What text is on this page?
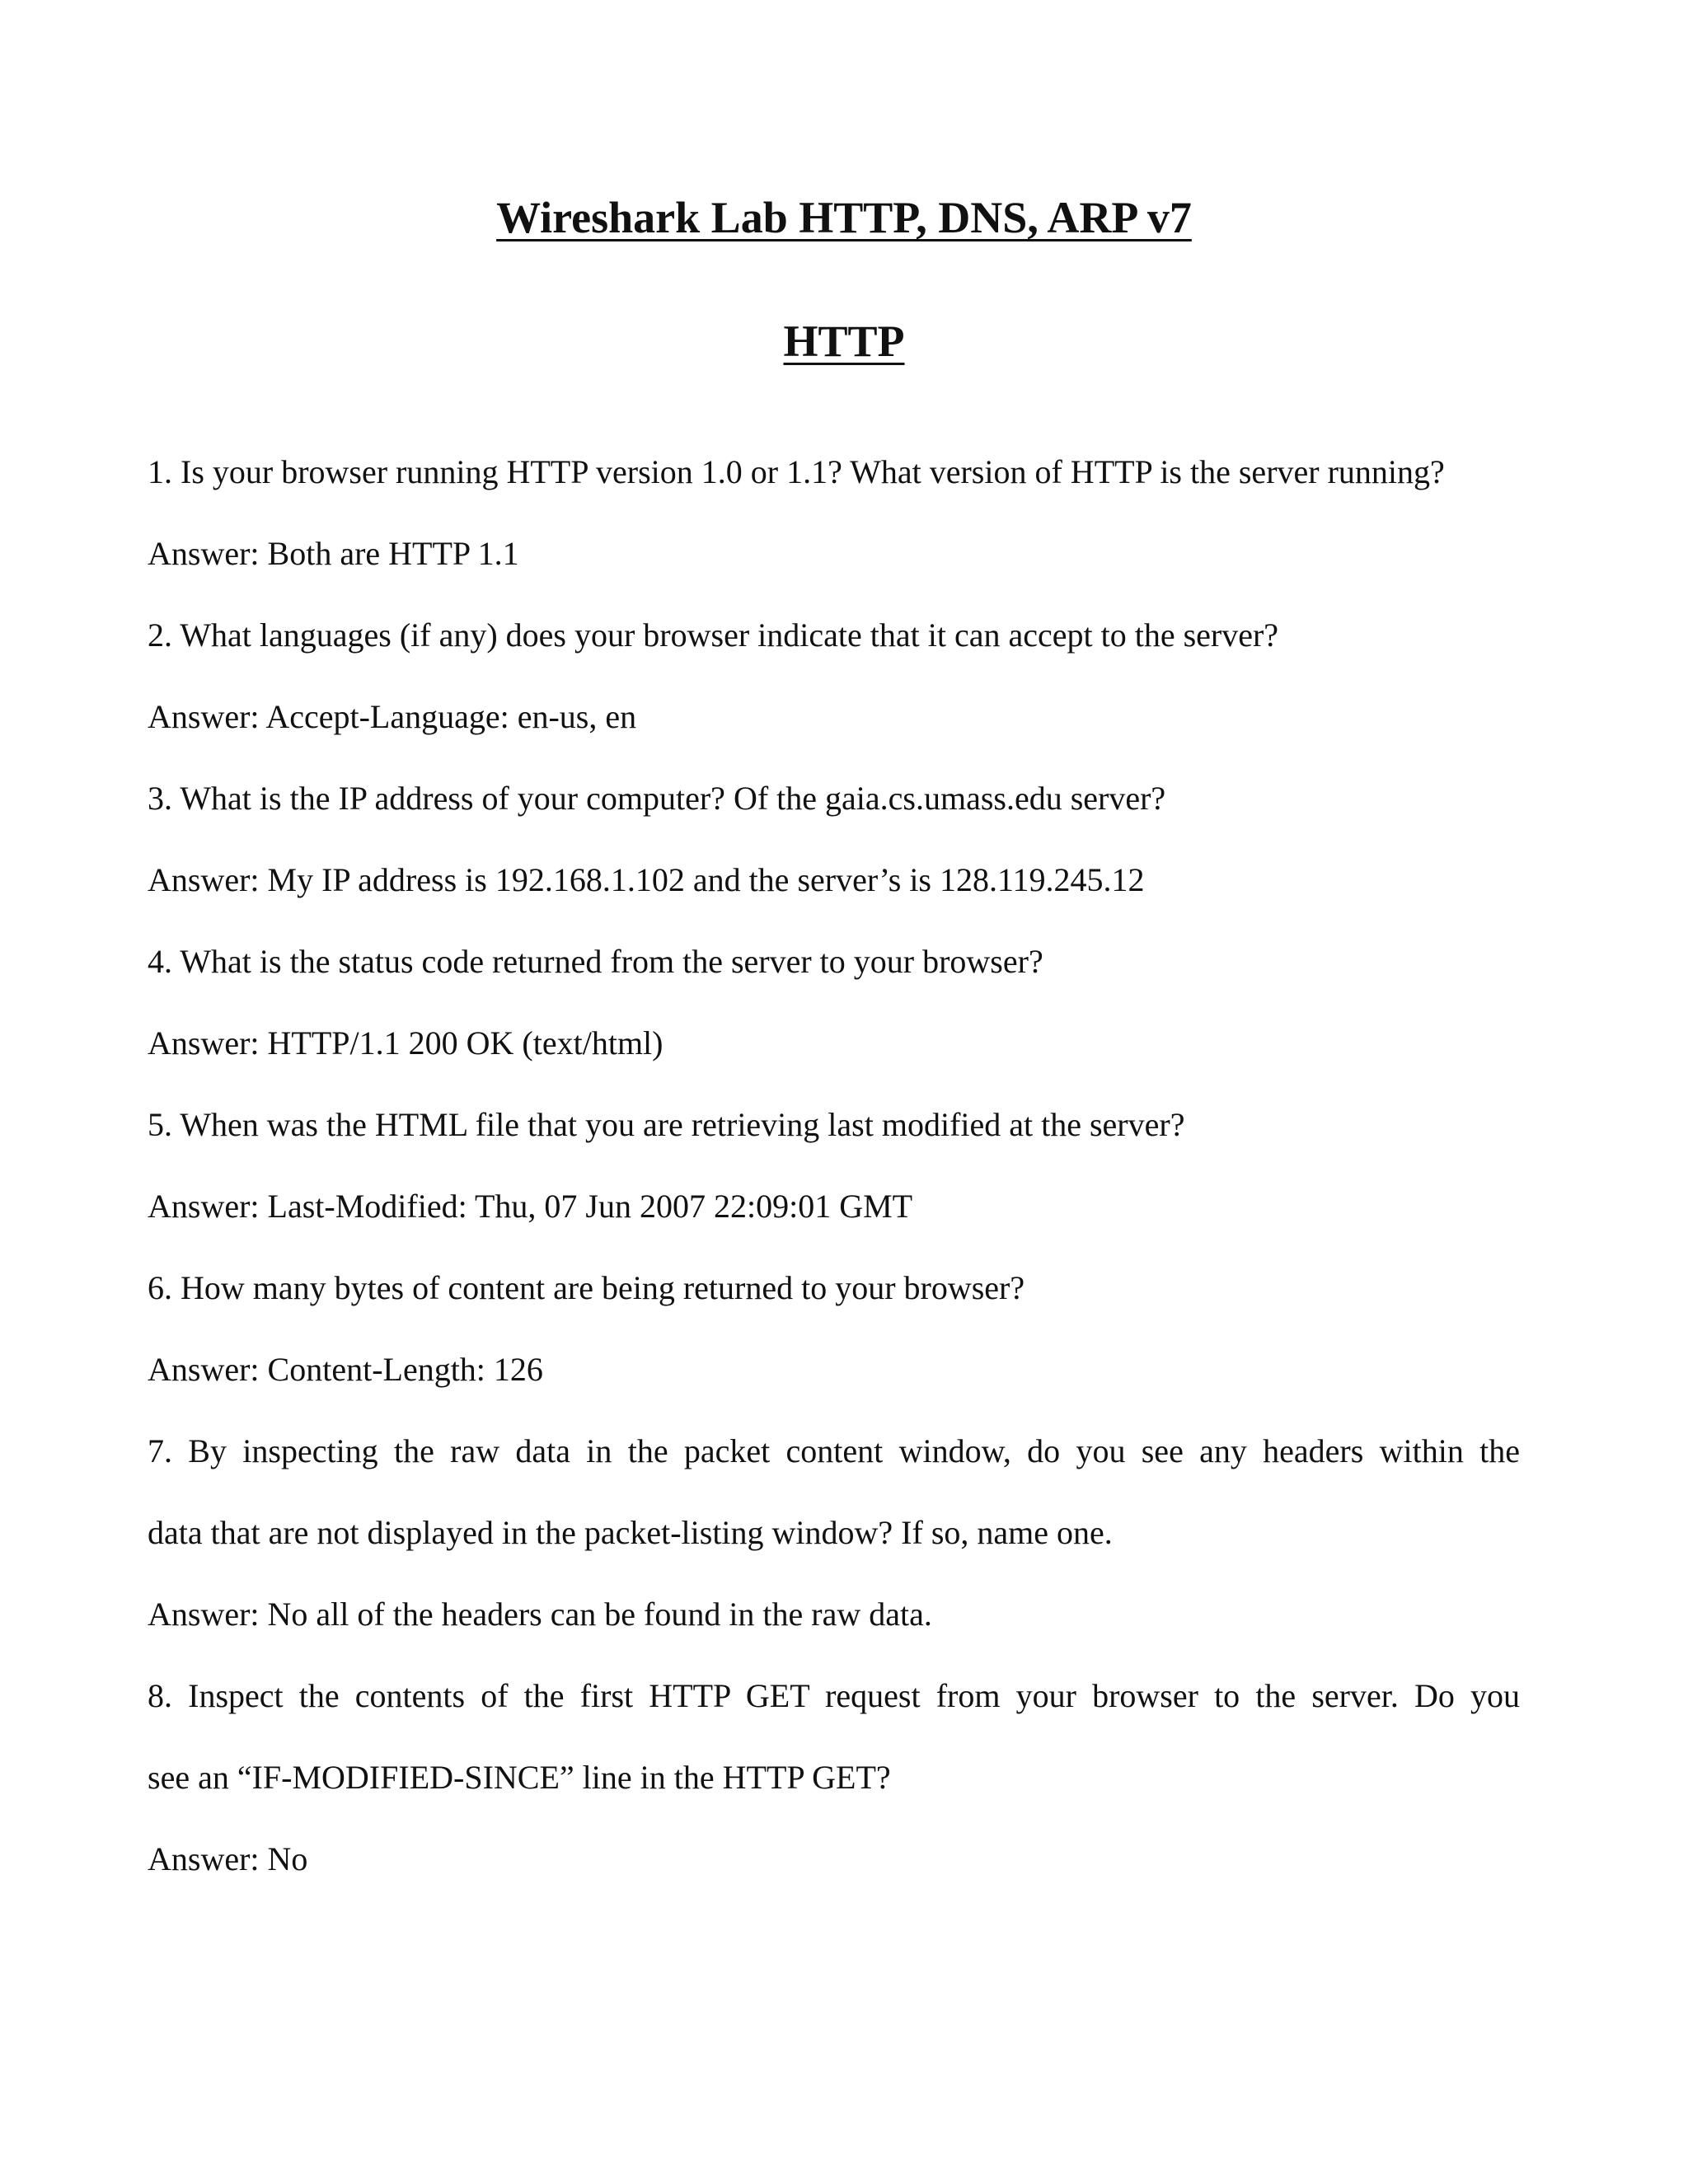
Wireshark Lab HTTP, DNS, ARP v7
HTTP

1. Is your browser running HTTP version 1.0 or 1.1? What version of HTTP is the server running?

Answer: Both are HTTP 1.1

2. What languages (if any) does your browser indicate that it can accept to the server?

Answer: Accept-Language: en-us, en

3. What is the IP address of your computer? Of the gaia.cs.umass.edu server?

Answer: My IP address is 192.168.1.102 and the server’s is 128.119.245.12

4. What is the status code returned from the server to your browser?

Answer: HTTP/1.1 200 OK (text/html)

5. When was the HTML file that you are retrieving last modified at the server?

Answer: Last-Modified: Thu, 07 Jun 2007 22:09:01 GMT

6. How many bytes of content are being returned to your browser?

Answer: Content-Length: 126

7. By inspecting the raw data in the packet content window, do you see any headers within the

data that are not displayed in the packet-listing window? If so, name one.

Answer: No all of the headers can be found in the raw data.

8. Inspect the contents of the first HTTP GET request from your browser to the server. Do you

see an “IF-MODIFIED-SINCE” line in the HTTP GET?

Answer: No
